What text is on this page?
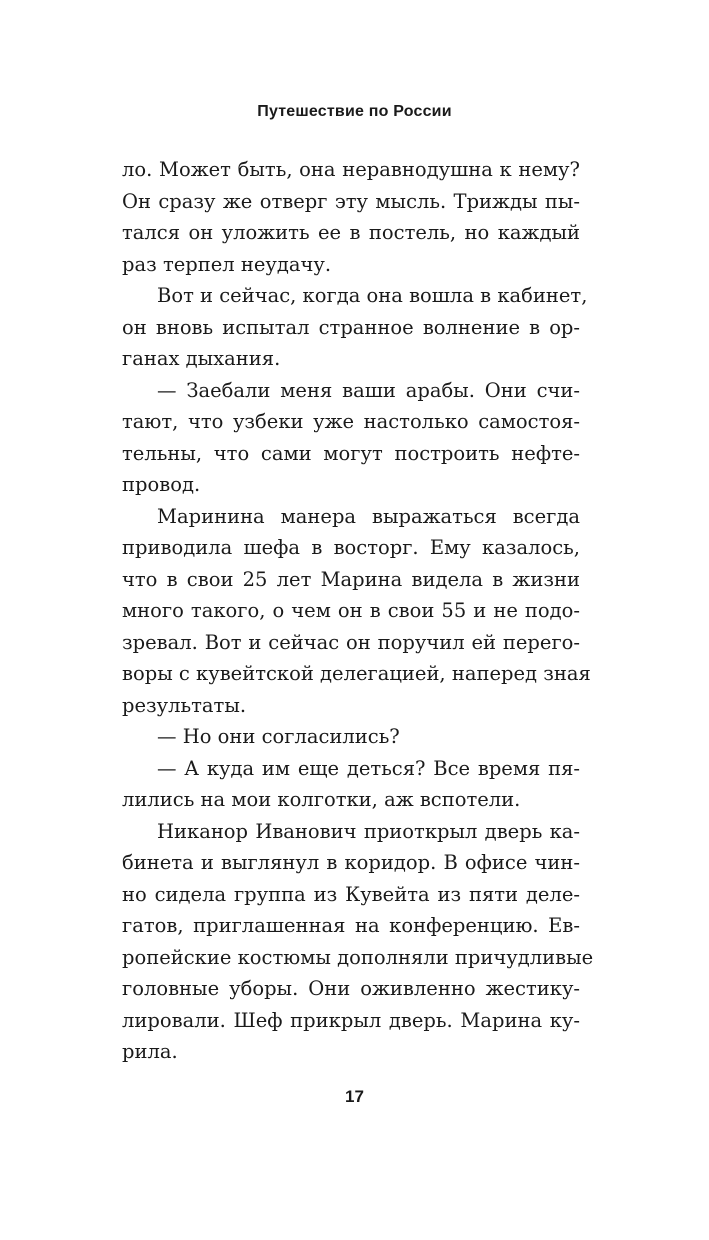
Путешествие по России
ло. Может быть, она неравнодушна к нему?
Он сразу же отверг эту мысль. Трижды пы-
тался он уложить ее в постель, но каждый
раз терпел неудачу.
Вот и сейчас, когда она вошла в кабинет,
он вновь испытал странное волнение в ор-
ганах дыхания.
— Заебали меня ваши арабы. Они счи-
тают, что узбеки уже настолько самостоя-
тельны, что сами могут построить нефте-
провод.
Маринина манера выражаться всегда
приводила шефа в восторг. Ему казалось,
что в свои 25 лет Марина видела в жизни
много такого, о чем он в свои 55 и не подо-
зревал. Вот и сейчас он поручил ей перего-
воры с кувейтской делегацией, наперед зная
результаты.
— Но они согласились?
— А куда им еще деться? Все время пя-
лились на мои колготки, аж вспотели.
Никанор Иванович приоткрыл дверь ка-
бинета и выглянул в коридор. В офисе чин-
но сидела группа из Кувейта из пяти деле-
гатов, приглашенная на конференцию. Ев-
ропейские костюмы дополняли причудливые
головные уборы. Они оживленно жестику-
лировали. Шеф прикрыл дверь. Марина ку-
рила.

17
